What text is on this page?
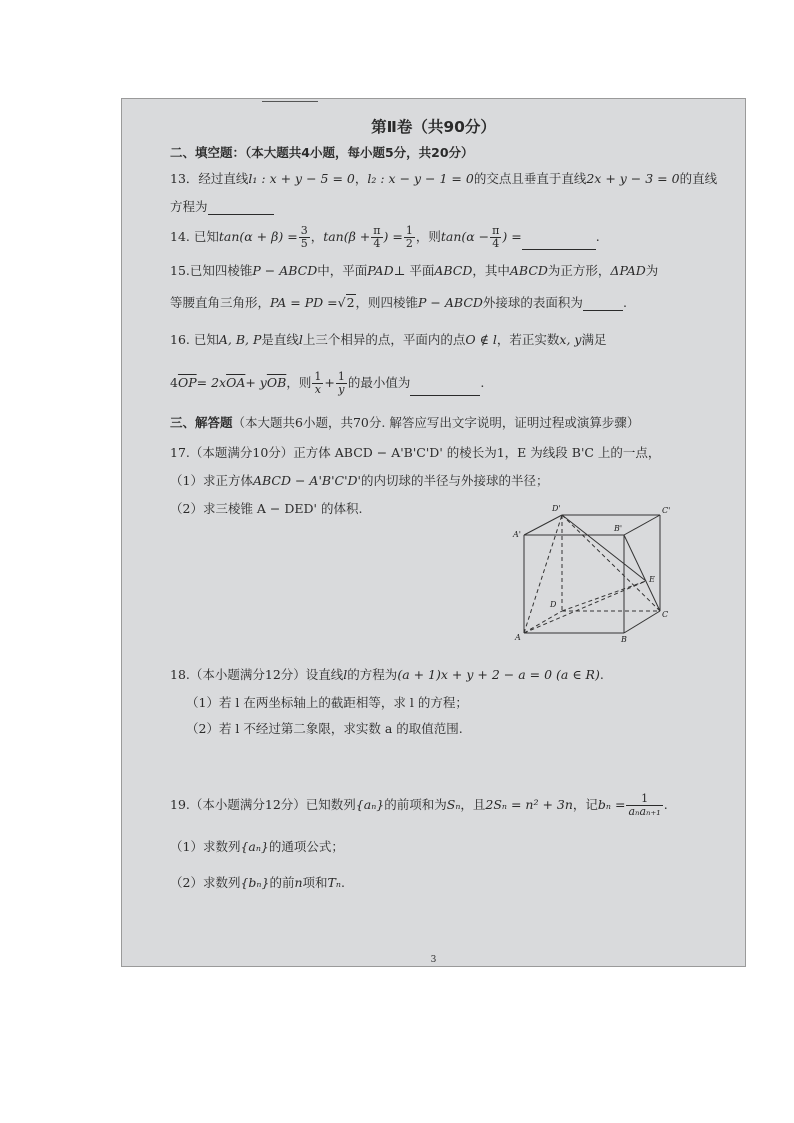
第Ⅱ卷（共90分）
二、填空题：（本大题共4小题，每小题5分，共20分）
13．经过直线l₁ : x + y − 5 = 0，l₂ : x − y − 1 = 0的交点且垂直于直线2x + y − 3 = 0的直线
方程为
14. 已知$\tan(\alpha + \beta) = \frac{3}{5}$ ，$\tan(\beta + \frac{\pi}{4}$ ) = $\frac{1}{2}$ ，则$\tan(\alpha - \frac{\pi}{4}$ ) =	.
15.已知四棱锥P − ABCD中，平面PAD⊥ 平面ABCD，其中ABCD为正方形，ΔPAD为
等腰直角三角形，PA = PD =√2，则四棱锥P − ABCD外接球的表面积为	.
16. 已知A, B, P是直线l上三个相异的点，平面内的点O ∉ l，若正实数x, y满足
$4\overline{OP}= 2x\overline{OA}+ y\overline{OB}$，则 $\frac{1}{x} + \frac{1}{y}$ 的最小值为	.
三、解答题（本大题共6小题，共70分. 解答应写出文字说明，证明过程或演算步骤）
17.（本题满分10分）正方体 ABCD − A'B'C'D' 的棱长为1，E 为线段 B'C 上的一点，
（1）求正方体ABCD − A'B'C'D'的内切球的半径与外接球的半径；
（2）求三棱锥 A − DED' 的体积.	D'	C'
B'
A'
E
D
C
A	B
18.（本小题满分12分）设直线l的方程为(a + 1)x + y + 2 − a = 0 (a ∈ R).
（1）若 l 在两坐标轴上的截距相等，求 l 的方程；
（2）若 l 不经过第二象限，求实数 a 的取值范围.
19.（本小题满分12分）已知数列{aₙ}的前项和为Sₙ，且2Sₙ = n² + 3n，记$b_n = \frac{1}{\text{aₙaₙ₊₁}}$ .
（1）求数列{aₙ}的通项公式；
（2）求数列{bₙ}的前n项和Tₙ.
3
